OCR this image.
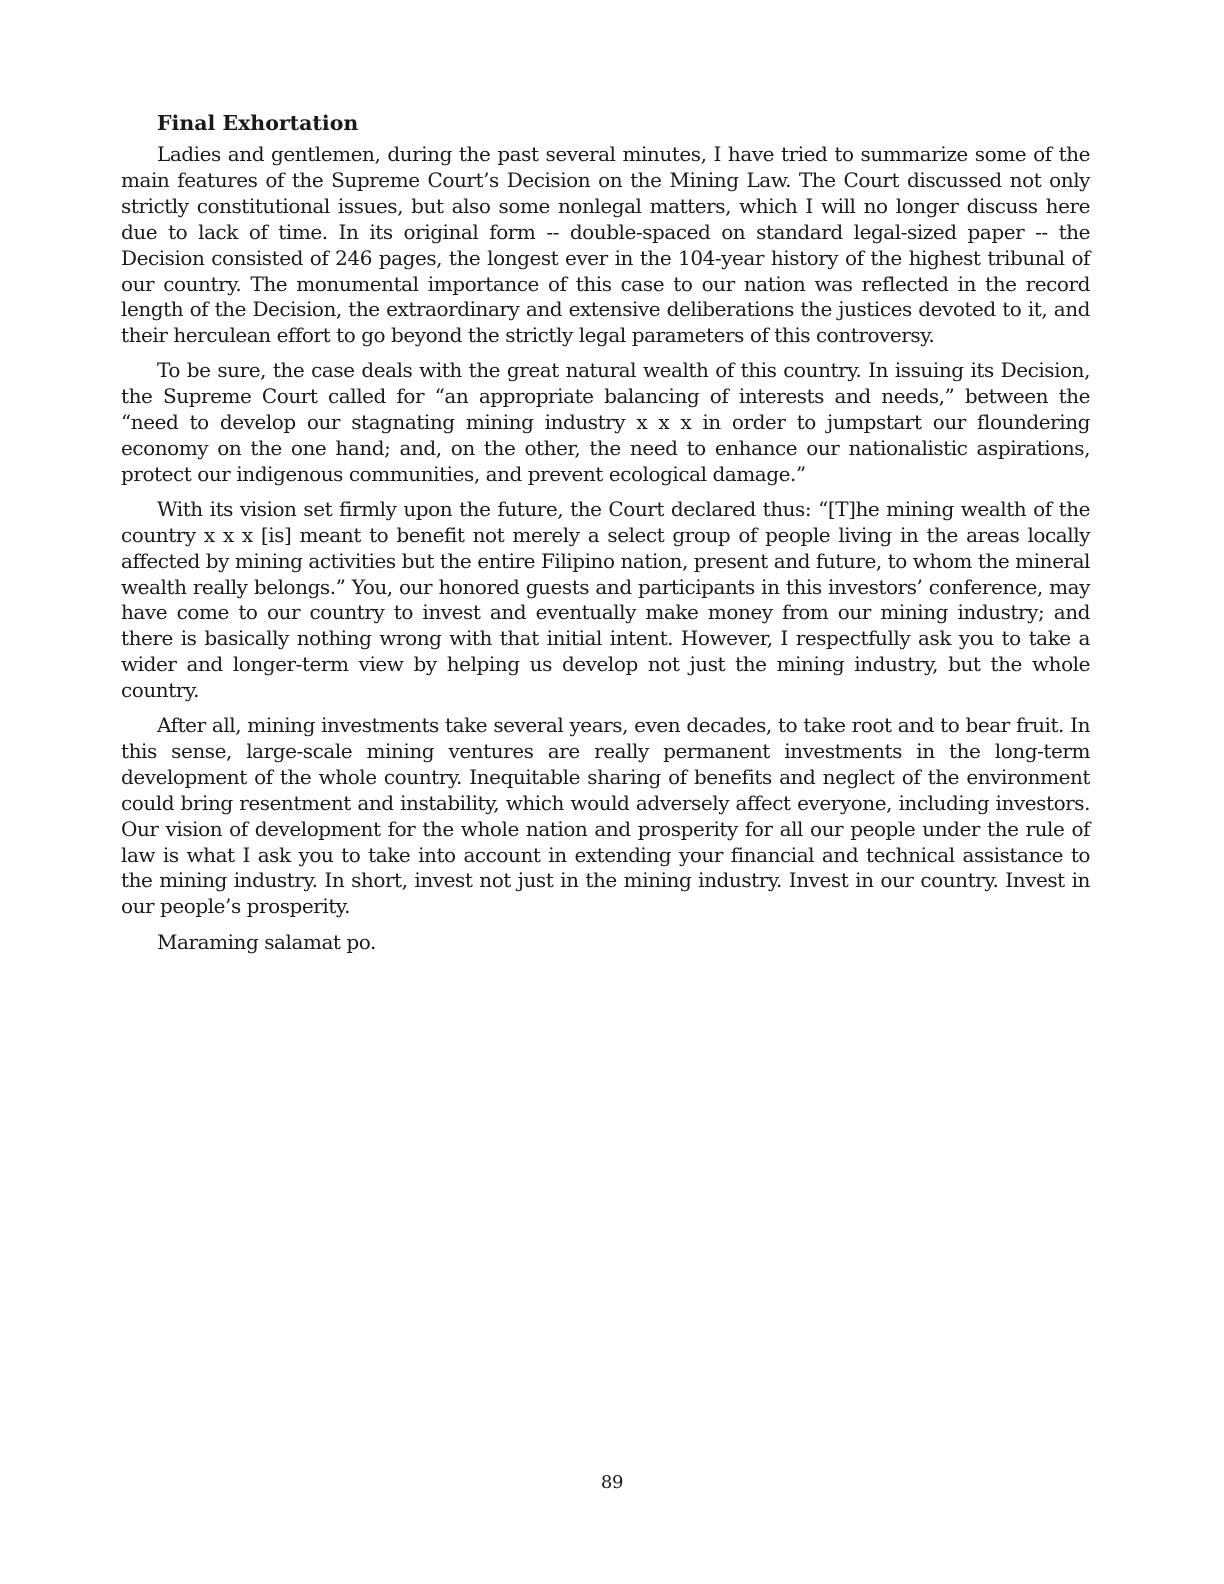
Final Exhortation

Ladies and gentlemen, during the past several minutes, I have tried to summarize some of the main features of the Supreme Court’s Decision on the Mining Law. The Court discussed not only strictly constitutional issues, but also some nonlegal matters, which I will no longer discuss here due to lack of time. In its original form -- double-spaced on standard legal-sized paper -- the Decision consisted of 246 pages, the longest ever in the 104-year history of the highest tribunal of our country. The monumental importance of this case to our nation was reflected in the record length of the Decision, the extraordinary and extensive deliberations the justices devoted to it, and their herculean effort to go beyond the strictly legal parameters of this controversy.

To be sure, the case deals with the great natural wealth of this country. In issuing its Decision, the Supreme Court called for “an appropriate balancing of interests and needs,” between the “need to develop our stagnating mining industry x x x in order to jumpstart our floundering economy on the one hand; and, on the other, the need to enhance our nationalistic aspirations, protect our indigenous communities, and prevent ecological damage.”

With its vision set firmly upon the future, the Court declared thus: “[T]he mining wealth of the country x x x [is] meant to benefit not merely a select group of people living in the areas locally affected by mining activities but the entire Filipino nation, present and future, to whom the mineral wealth really belongs.” You, our honored guests and participants in this investors’ conference, may have come to our country to invest and eventually make money from our mining industry; and there is basically nothing wrong with that initial intent. However, I respectfully ask you to take a wider and longer-term view by helping us develop not just the mining industry, but the whole country.

After all, mining investments take several years, even decades, to take root and to bear fruit. In this sense, large-scale mining ventures are really permanent investments in the long-term development of the whole country. Inequitable sharing of benefits and neglect of the environment could bring resentment and instability, which would adversely affect everyone, including investors. Our vision of development for the whole nation and prosperity for all our people under the rule of law is what I ask you to take into account in extending your financial and technical assistance to the mining industry. In short, invest not just in the mining industry. Invest in our country. Invest in our people’s prosperity.

Maraming salamat po.

89
